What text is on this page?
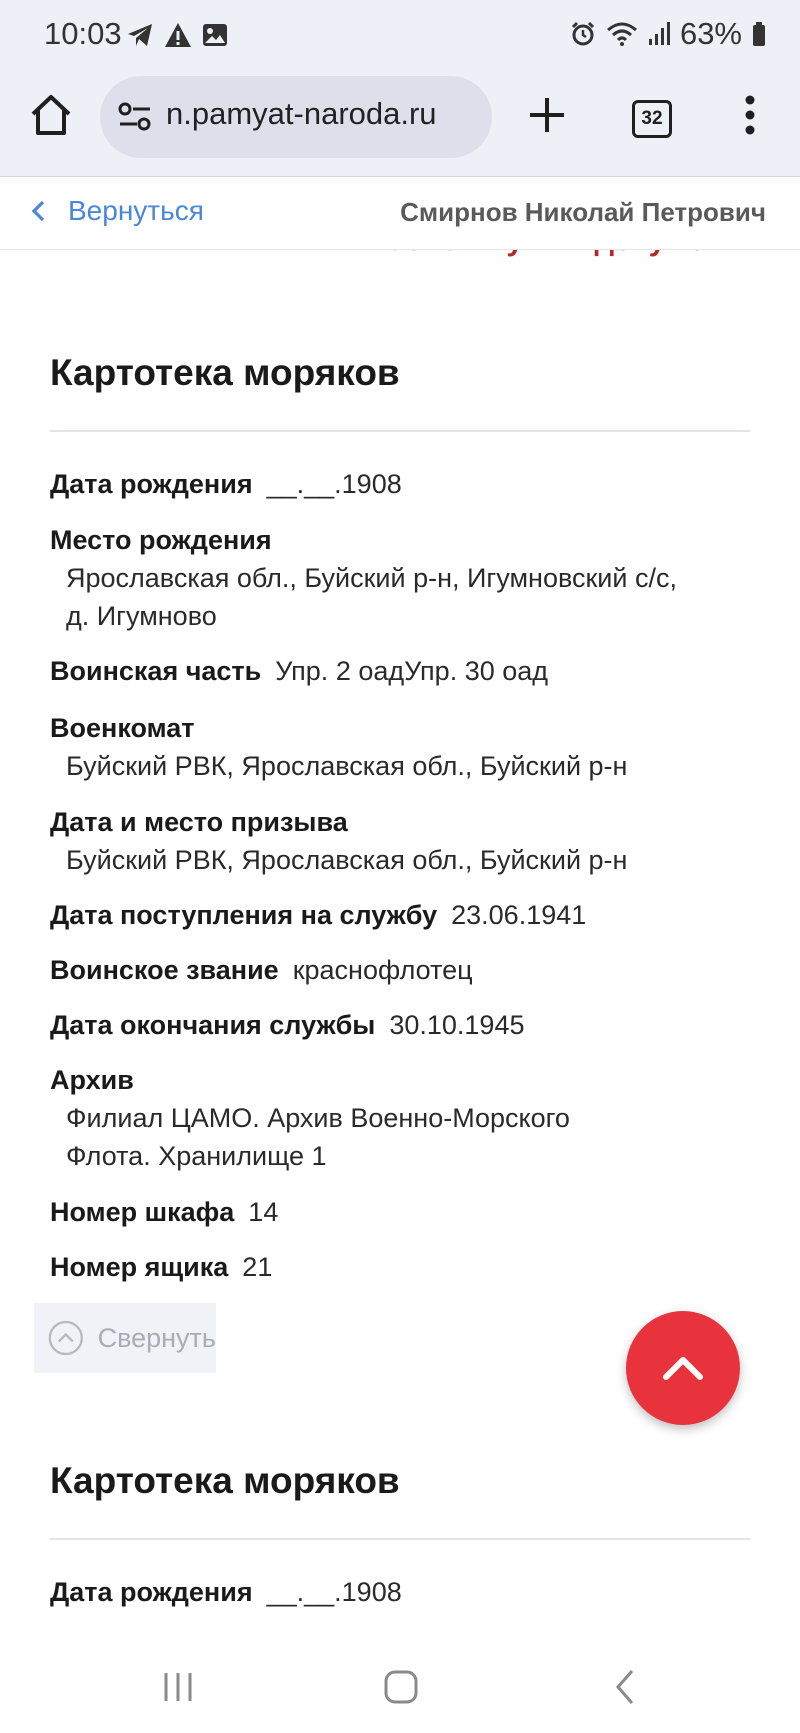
10:03	63%
n.pamyat-naroda.ru	32
Вернуться	Смирнов Николай Петрович
Картотека моряков
Дата рождения __.__.1908
Место рождения
Ярославская обл., Буйский р-н, Игумновский с/с, д. Игумново
Воинская часть Упр. 2 оадУпр. 30 оад
Военкомат
Буйский РВК, Ярославская обл., Буйский р-н
Дата и место призыва
Буйский РВК, Ярославская обл., Буйский р-н
Дата поступления на службу 23.06.1941
Воинское звание краснофлотец
Дата окончания службы 30.10.1945
Архив
Филиал ЦАМО. Архив Военно-Морского Флота. Хранилище 1
Номер шкафа 14
Номер ящика 21
Свернуть
Картотека моряков
Дата рождения __.__.1908
